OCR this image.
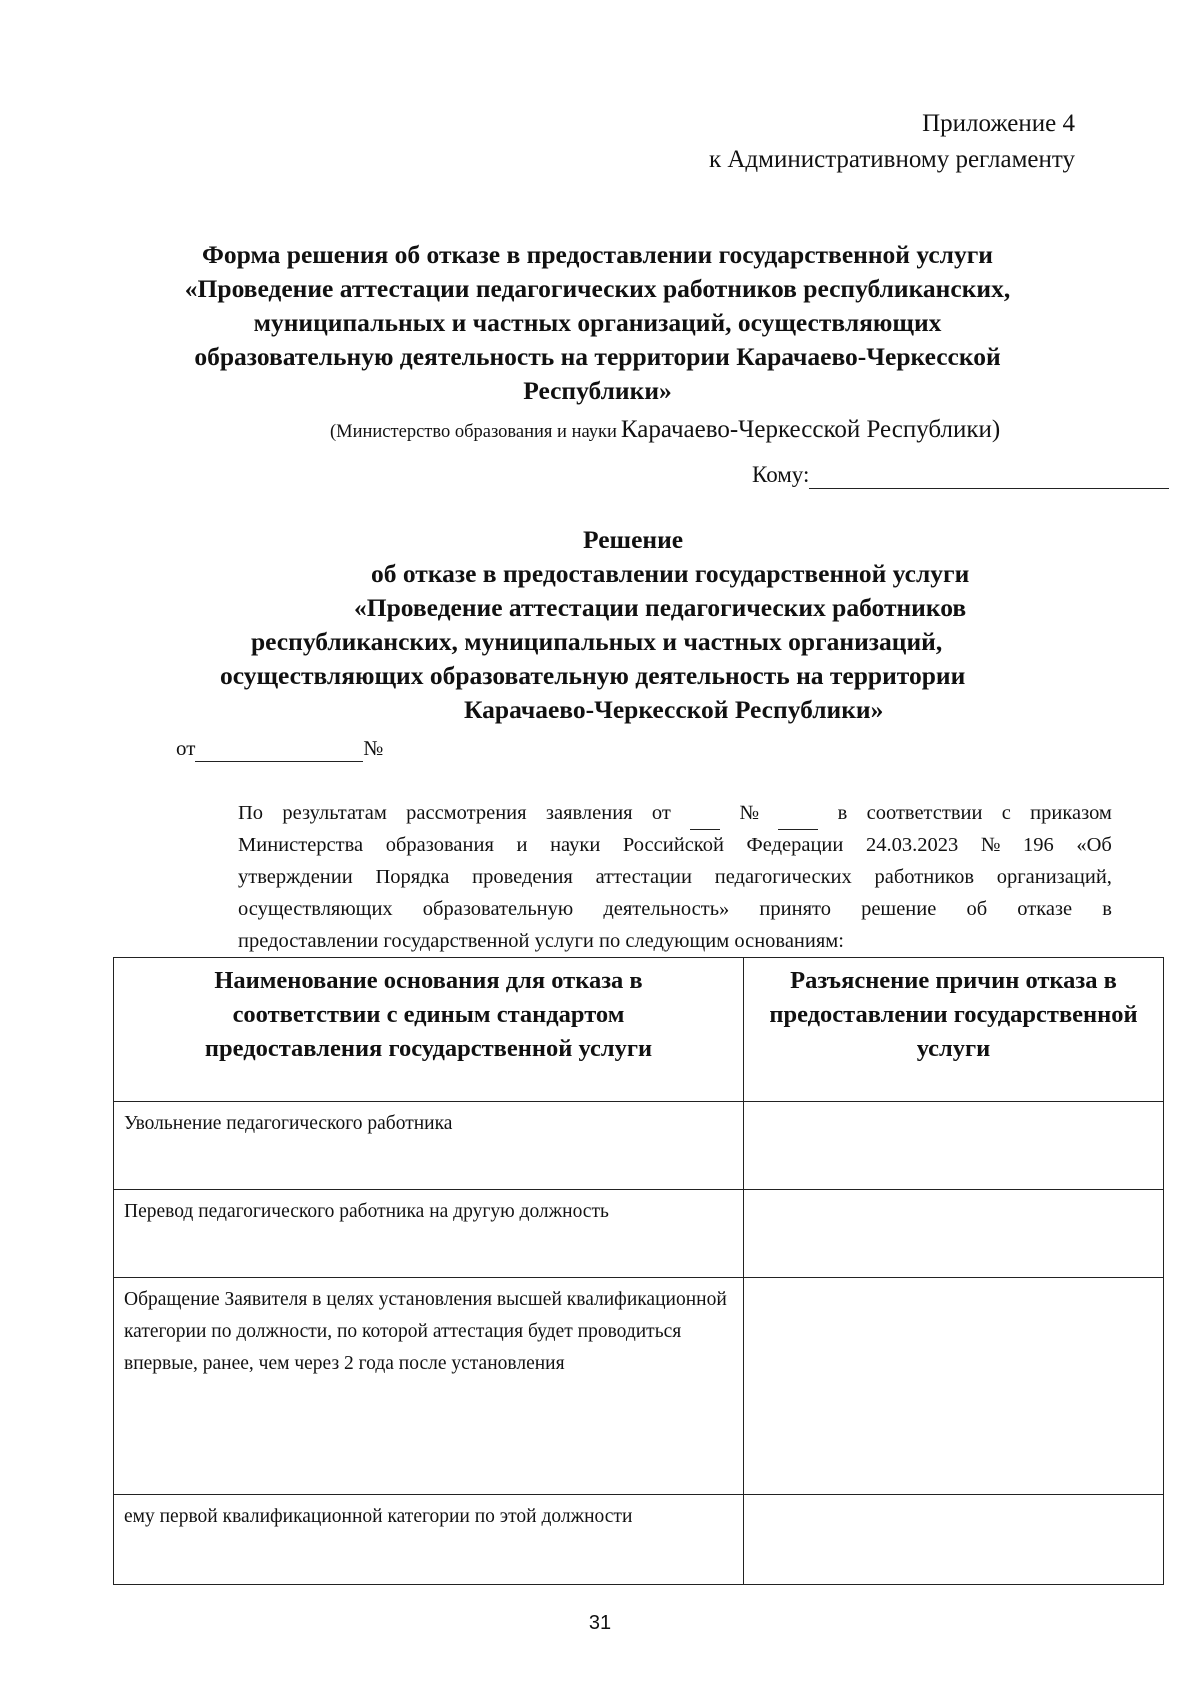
Приложение 4
к Административному регламенту
Форма решения об отказе в предоставлении государственной услуги
«Проведение аттестации педагогических работников республиканских,
муниципальных и частных организаций, осуществляющих
образовательную деятельность на территории Карачаево-Черкесской
Республики»
(Министерство образования и науки Карачаево-Черкесской Республики)
Кому:
Решение
об отказе в предоставлении государственной услуги
«Проведение аттестации педагогических работников
республиканских, муниципальных и частных организаций,
осуществляющих образовательную деятельность на территории
Карачаево-Черкесской Республики»
от	№
По результатам рассмотрения заявления от
	№
	в соответствии с приказом
Министерства образования и науки Российской Федерации 24.03.2023 № 196 «Об
утверждении Порядка проведения аттестации педагогических работников организаций,
осуществляющих образовательную деятельность» принято решение об отказе в
предоставлении государственной услуги по следующим основаниям:
Наименование основания для отказа в соответствии с единым стандартом предоставления государственной услуги	Разъяснение причин отказа в предоставлении государственной услуги
Увольнение педагогического работника	
Перевод педагогического работника на другую должность	
Обращение Заявителя в целях установления высшей квалификационной категории по должности, по которой аттестация будет проводиться впервые, ранее, чем через 2 года после установления	
ему первой квалификационной категории по этой должности	
31
